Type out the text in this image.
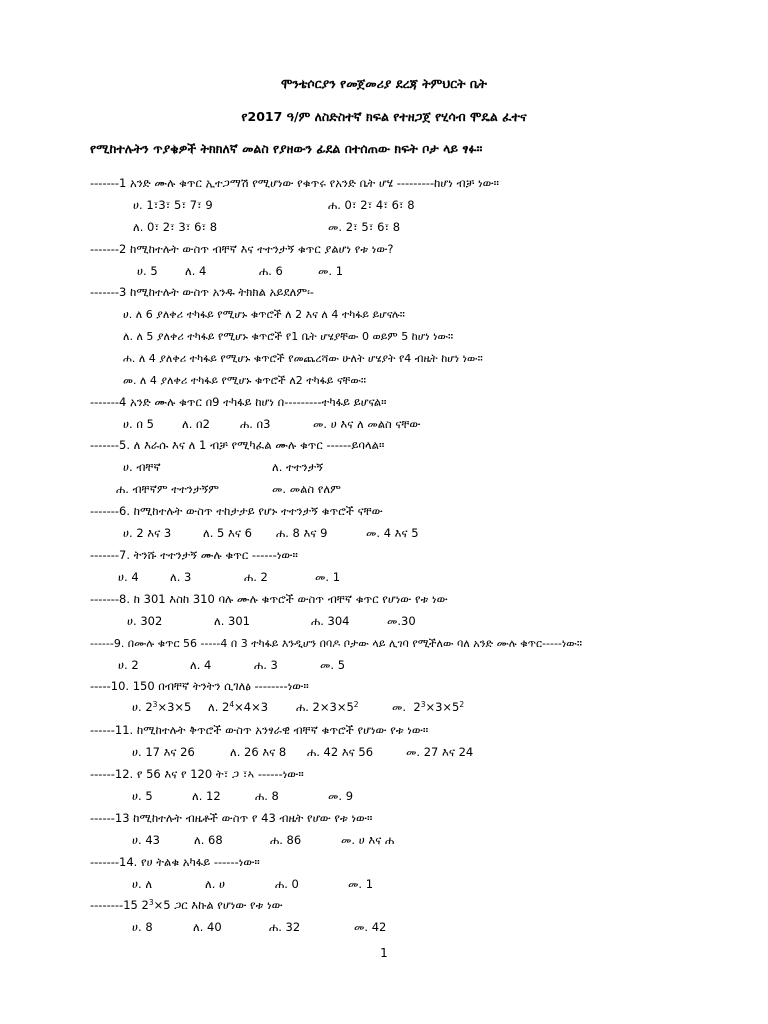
ሞንቴሶርያን የመጀመሪያ ደረጃ ትምህርት ቤት
የ2017 ዓ/ም ለስድስተኛ ክፍል የተዘጋጀ የሂሳብ ሞዴል ፈተና
የሚከተሉትን ጥያቄዎች ትክክለኛ መልስ የያዘውን ፊደል በተሰጠው ክፍት ቦታ ላይ ፃፉ።
-------1 አንድ ሙሉ ቁጥር ኢተጋማሽ የሚሆነው የቁጥሩ የአንድ ቤት ሆሄ ---------ከሆነ ብቻ ነው።
ሀ. 1፣3፣ 5፣ 7፣ 9	ሐ. 0፣ 2፣ 4፣ 6፣ 8
ለ. 0፣ 2፣ 3፣ 6፣ 8	መ. 2፣ 5፣ 6፣ 8
-------2 ከሚከተሉት ውስጥ ብቸኛ እና ተተንታኝ ቁጥር ያልሆነ የቱ ነው?
ሀ. 5 ለ. 4	ሐ. 6	መ. 1
-------3 ከሚከተሉት ውስጥ አንዱ ትክክል አይደለም፡-
ሀ. ለ 6 ያለቀሪ ተካፋይ የሚሆኑ ቁጥሮች ለ 2 እና ለ 4 ተካፋይ ይሆናሉ።
ለ. ለ 5 ያለቀሪ ተካፋይ የሚሆኑ ቁጥሮች የ1 ቤት ሆሄያቸው 0 ወይም 5 ከሆነ ነው።
ሐ. ለ 4 ያለቀሪ ተካፋይ የሚሆኑ ቁጥሮች የመጨረሻው ሁለት ሆሄያት የ4 ብዜት ከሆነ ነው።
መ. ለ 4 ያለቀሪ ተካፋይ የሚሆኑ ቁጥሮች ለ2 ተካፋይ ናቸው።
-------4 አንድ ሙሉ ቁጥር በ9 ተካፋይ ከሆነ በ---------ተካፋይ ይሆናል።
ሀ. በ 5 ለ. በ2	ሐ. በ3	መ. ሀ እና ለ መልስ ናቸው
-------5. ለ እራሱ እና ለ 1 ብቻ የሚካፈል ሙሉ ቁጥር ------ይባላል።
ሀ. ብቸኛ	ለ. ተተንታኝ
ሐ. ብቸኛም ተተንታኝም	መ. መልስ የለም
-------6. ከሚከተሉት ውስጥ ተከታታይ የሆኑ ተተንታኝ ቁጥሮች ናቸው
ሀ. 2 እና 3	ለ. 5 እና 6 ሐ. 8 እና 9	መ. 4 እና 5
-------7. ትንሹ ተተንታኝ ሙሉ ቁጥር ------ነው።
ሀ. 4	ለ. 3	ሐ. 2	መ. 1
-------8. ከ 301 እስከ 310 ባሉ ሙሉ ቁጥሮች ውስጥ ብቸኛ ቁጥር የሆነው የቱ ነው
ሀ. 302	ለ. 301	ሐ. 304	መ.30
------9. በሙሉ ቁጥር 56 -----4 በ 3 ተካፋይ እንዲሆን በባዶ ቦታው ላይ ሊገባ የሚችለው ባለ አንድ ሙሉ ቁጥር-----ነው።
ሀ. 2	ለ. 4	ሐ. 3	መ. 5
-----10. 150 በብቸኛ ትንትን ሲገለፅ --------ነው።
ሀ. $2^3\times 3\times 5$ ለ. $2^4\times 4\times 3$ ሐ. $2\times 3\times 5^2$	መ.  $2^3\times 3\times 5^2$
------11. ከሚከተሉት ቅጥሮች ውስጥ አንፃራዊ ብቸኛ ቁጥሮች የሆነው የቱ ነው።
ሀ. 17 እና 26	ለ. 26 እና 8 ሐ. 42 እና 56	መ. 27 እና 24
------12. የ 56 እና የ 120 ት፣ ጋ ፣ኣ ------ነው።
ሀ. 5	ለ. 12	ሐ. 8	መ. 9
------13 ከሚከተሉት ብዜቶች ውስጥ የ 43 ብዜት የሆው የቱ ነው።
ሀ. 43	ለ. 68	ሐ. 86	መ. ሀ እና ሐ
-------14. የሀ ትልቁ አካፋይ ------ነው።
ሀ. ለ	ለ. ሀ	ሐ. 0	መ. 1
--------15 $2^3\times 5$ ጋር እኩል የሆነው የቱ ነው
ሀ. 8	ለ. 40	ሐ. 32	መ. 42
1
